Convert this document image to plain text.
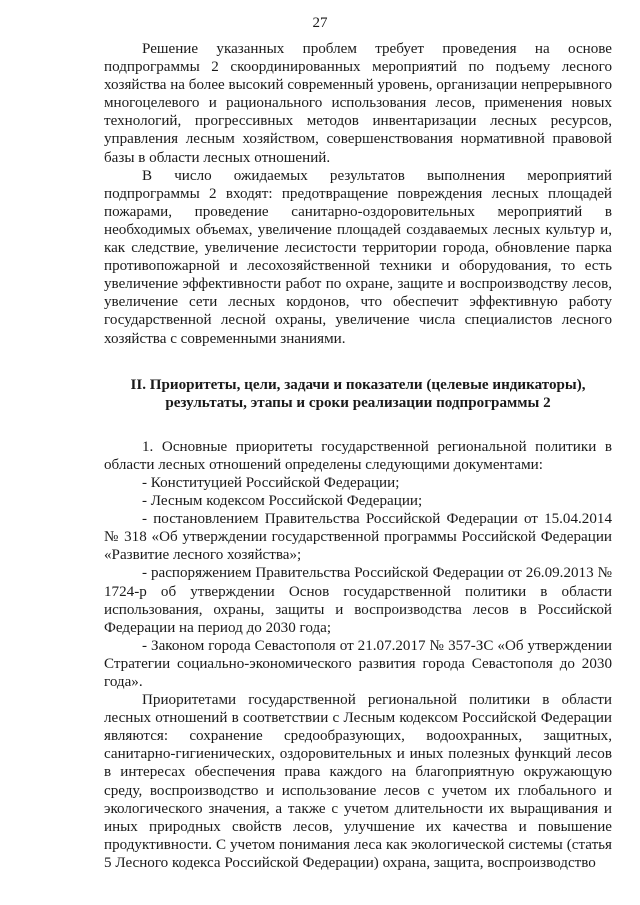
27

Решение указанных проблем требует проведения на основе подпрограммы 2 скоординированных мероприятий по подъему лесного хозяйства на более высокий современный уровень, организации непрерывного многоцелевого и рационального использования лесов, применения новых технологий, прогрессивных методов инвентаризации лесных ресурсов, управления лесным хозяйством, совершенствования нормативной правовой базы в области лесных отношений.

В число ожидаемых результатов выполнения мероприятий подпрограммы 2 входят: предотвращение повреждения лесных площадей пожарами, проведение санитарно-оздоровительных мероприятий в необходимых объемах, увеличение площадей создаваемых лесных культур и, как следствие, увеличение лесистости территории города, обновление парка противопожарной и лесохозяйственной техники и оборудования, то есть увеличение эффективности работ по охране, защите и воспроизводству лесов, увеличение сети лесных кордонов, что обеспечит эффективную работу государственной лесной охраны, увеличение числа специалистов лесного хозяйства с современными знаниями.

II. Приоритеты, цели, задачи и показатели (целевые индикаторы), результаты, этапы и сроки реализации подпрограммы 2

1. Основные приоритеты государственной региональной политики в области лесных отношений определены следующими документами:

- Конституцией Российской Федерации;

- Лесным кодексом Российской Федерации;

- постановлением Правительства Российской Федерации от 15.04.2014 № 318 «Об утверждении государственной программы Российской Федерации «Развитие лесного хозяйства»;

- распоряжением Правительства Российской Федерации от 26.09.2013 № 1724-р об утверждении Основ государственной политики в области использования, охраны, защиты и воспроизводства лесов в Российской Федерации на период до 2030 года;

- Законом города Севастополя от 21.07.2017 № 357-ЗС «Об утверждении Стратегии социально-экономического развития города Севастополя до 2030 года».

Приоритетами государственной региональной политики в области лесных отношений в соответствии с Лесным кодексом Российской Федерации являются: сохранение средообразующих, водоохранных, защитных, санитарно-гигиенических, оздоровительных и иных полезных функций лесов в интересах обеспечения права каждого на благоприятную окружающую среду, воспроизводство и использование лесов с учетом их глобального и экологического значения, а также с учетом длительности их выращивания и иных природных свойств лесов, улучшение их качества и повышение продуктивности. С учетом понимания леса как экологической системы (статья 5 Лесного кодекса Российской Федерации) охрана, защита, воспроизводство
